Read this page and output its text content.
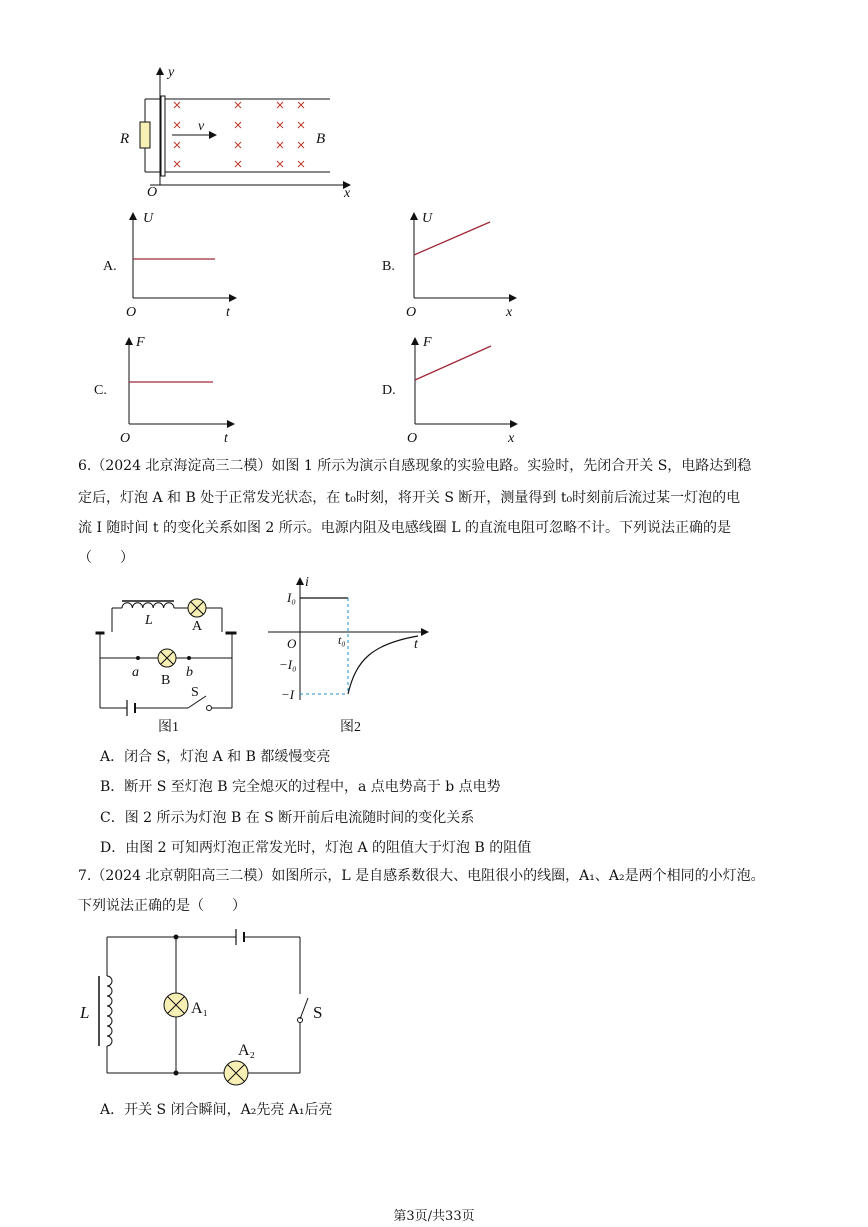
y
x
R
v
B
O
A.
U
t
O
B.
U
x
O
C.
F
t
O
D.
F
x
O
6.（2024 北京海淀高三二模）如图 1 所示为演示自感现象的实验电路。实验时，先闭合开关 S，电路达到稳
定后，灯泡 A 和 B 处于正常发光状态，在 t₀时刻，将开关 S 断开，测量得到 t₀时刻前后流过某一灯泡的电
流 I 随时间 t 的变化关系如图 2 所示。电源内阻及电感线圈 L 的直流电阻可忽略不计。下列说法正确的是
（　　）
L	A
a
B
b
S
图1
i
I₀
O	t₀	t
−I₀
−I
图2
A．闭合 S，灯泡 A 和 B 都缓慢变亮
B．断开 S 至灯泡 B 完全熄灭的过程中，a 点电势高于 b 点电势
C．图 2 所示为灯泡 B 在 S 断开前后电流随时间的变化关系
D．由图 2 可知两灯泡正常发光时，灯泡 A 的阻值大于灯泡 B 的阻值
7.（2024 北京朝阳高三二模）如图所示，L 是自感系数很大、电阻很小的线圈，A₁、A₂是两个相同的小灯泡。
下列说法正确的是（　　）
L	A₁
A₂
S
A．开关 S 闭合瞬间，A₂先亮 A₁后亮
第3页/共33页
